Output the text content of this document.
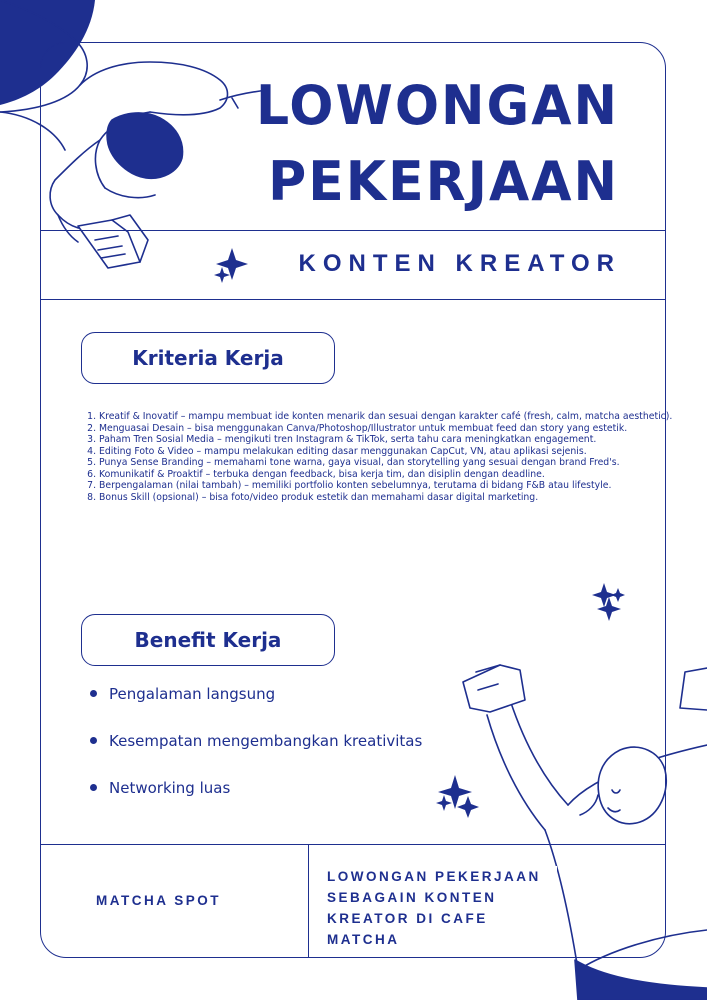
LOWONGAN
PEKERJAAN
KONTEN KREATOR
Kriteria Kerja
1. Kreatif & Inovatif – mampu membuat ide konten menarik dan sesuai dengan karakter café (fresh, calm, matcha aesthetic).
2. Menguasai Desain – bisa menggunakan Canva/Photoshop/Illustrator untuk membuat feed dan story yang estetik.
3. Paham Tren Sosial Media – mengikuti tren Instagram & TikTok, serta tahu cara meningkatkan engagement.
4. Editing Foto & Video – mampu melakukan editing dasar menggunakan CapCut, VN, atau aplikasi sejenis.
5. Punya Sense Branding – memahami tone warna, gaya visual, dan storytelling yang sesuai dengan brand Fred's.
6. Komunikatif & Proaktif – terbuka dengan feedback, bisa kerja tim, dan disiplin dengan deadline.
7. Berpengalaman (nilai tambah) – memiliki portfolio konten sebelumnya, terutama di bidang F&B atau lifestyle.
8. Bonus Skill (opsional) – bisa foto/video produk estetik dan memahami dasar digital marketing.
Benefit Kerja
Pengalaman langsung
Kesempatan mengembangkan kreativitas
Networking luas
MATCHA SPOT
LOWONGAN PEKERJAAN
SEBAGAIN KONTEN
KREATOR DI CAFE
MATCHA
